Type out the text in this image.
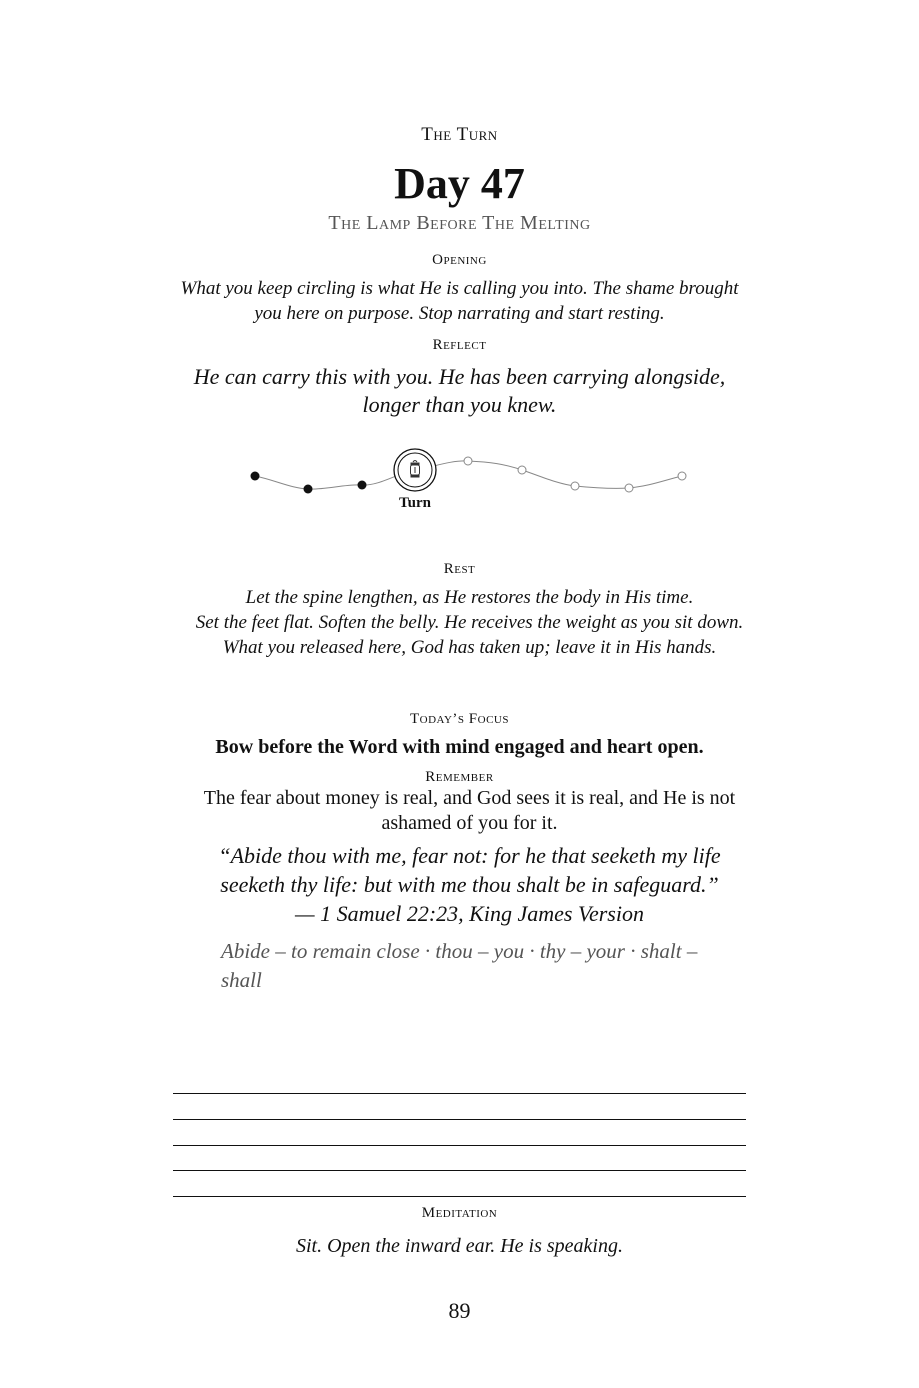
The Turn
Day 47
The Lamp Before The Melting
Opening
What you keep circling is what He is calling you into. The shame brought you here on purpose. Stop narrating and start resting.
Reflect
He can carry this with you. He has been carrying alongside, longer than you knew.
Turn
Rest
Let the spine lengthen, as He restores the body in His time.
Set the feet flat. Soften the belly. He receives the weight as you sit down.
What you released here, God has taken up; leave it in His hands.
Today’s Focus
Bow before the Word with mind engaged and heart open.
Remember
The fear about money is real, and God sees it is real, and He is not ashamed of you for it.
“Abide thou with me, fear not: for he that seeketh my life seeketh thy life: but with me thou shalt be in safeguard.” — 1 Samuel 22:23, King James Version
Abide – to remain close · thou – you · thy – your · shalt – shall
Meditation
Sit. Open the inward ear. He is speaking.
89
